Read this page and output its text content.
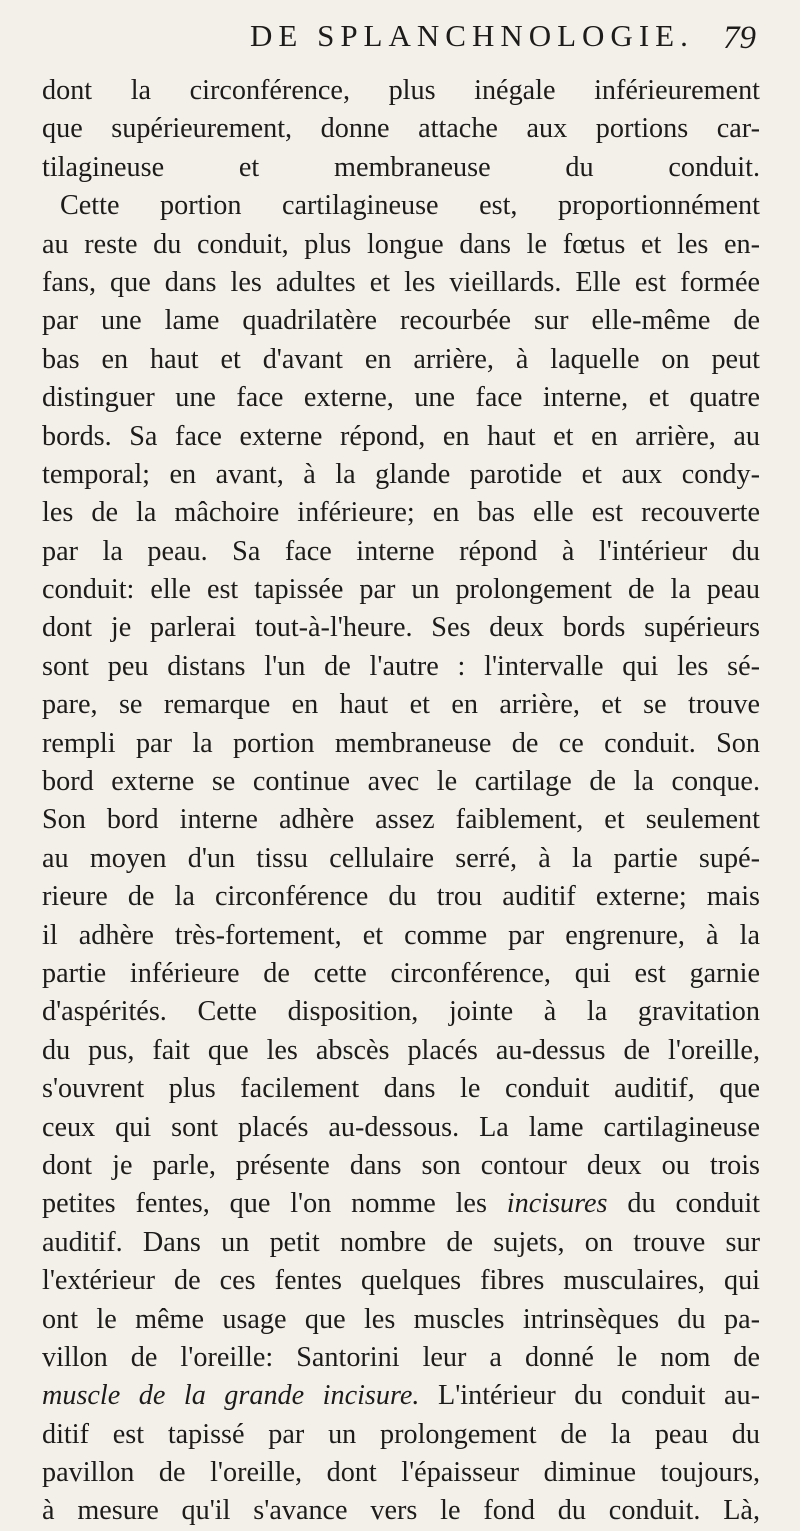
DE SPLANCHNOLOGIE. 79
dont la circonférence, plus inégale inférieurement
que supérieurement, donne attache aux portions car-
tilagineuse et membraneuse du conduit.
Cette portion cartilagineuse est, proportionnément
au reste du conduit, plus longue dans le fœtus et les en-
fans, que dans les adultes et les vieillards. Elle est formée
par une lame quadrilatère recourbée sur elle-même de
bas en haut et d'avant en arrière, à laquelle on peut
distinguer une face externe, une face interne, et quatre
bords. Sa face externe répond, en haut et en arrière, au
temporal; en avant, à la glande parotide et aux condy-
les de la mâchoire inférieure; en bas elle est recouverte
par la peau. Sa face interne répond à l'intérieur du
conduit: elle est tapissée par un prolongement de la peau
dont je parlerai tout-à-l'heure. Ses deux bords supérieurs
sont peu distans l'un de l'autre : l'intervalle qui les sé-
pare, se remarque en haut et en arrière, et se trouve
rempli par la portion membraneuse de ce conduit. Son
bord externe se continue avec le cartilage de la conque.
Son bord interne adhère assez faiblement, et seulement
au moyen d'un tissu cellulaire serré, à la partie supé-
rieure de la circonférence du trou auditif externe; mais
il adhère très-fortement, et comme par engrenure, à la
partie inférieure de cette circonférence, qui est garnie
d'aspérités. Cette disposition, jointe à la gravitation
du pus, fait que les abscès placés au-dessus de l'oreille,
s'ouvrent plus facilement dans le conduit auditif, que
ceux qui sont placés au-dessous. La lame cartilagineuse
dont je parle, présente dans son contour deux ou trois
petites fentes, que l'on nomme les incisures du conduit
auditif. Dans un petit nombre de sujets, on trouve sur
l'extérieur de ces fentes quelques fibres musculaires, qui
ont le même usage que les muscles intrinsèques du pa-
villon de l'oreille: Santorini leur a donné le nom de
muscle de la grande incisure. L'intérieur du conduit au-
ditif est tapissé par un prolongement de la peau du
pavillon de l'oreille, dont l'épaisseur diminue toujours,
à mesure qu'il s'avance vers le fond du conduit. Là,
